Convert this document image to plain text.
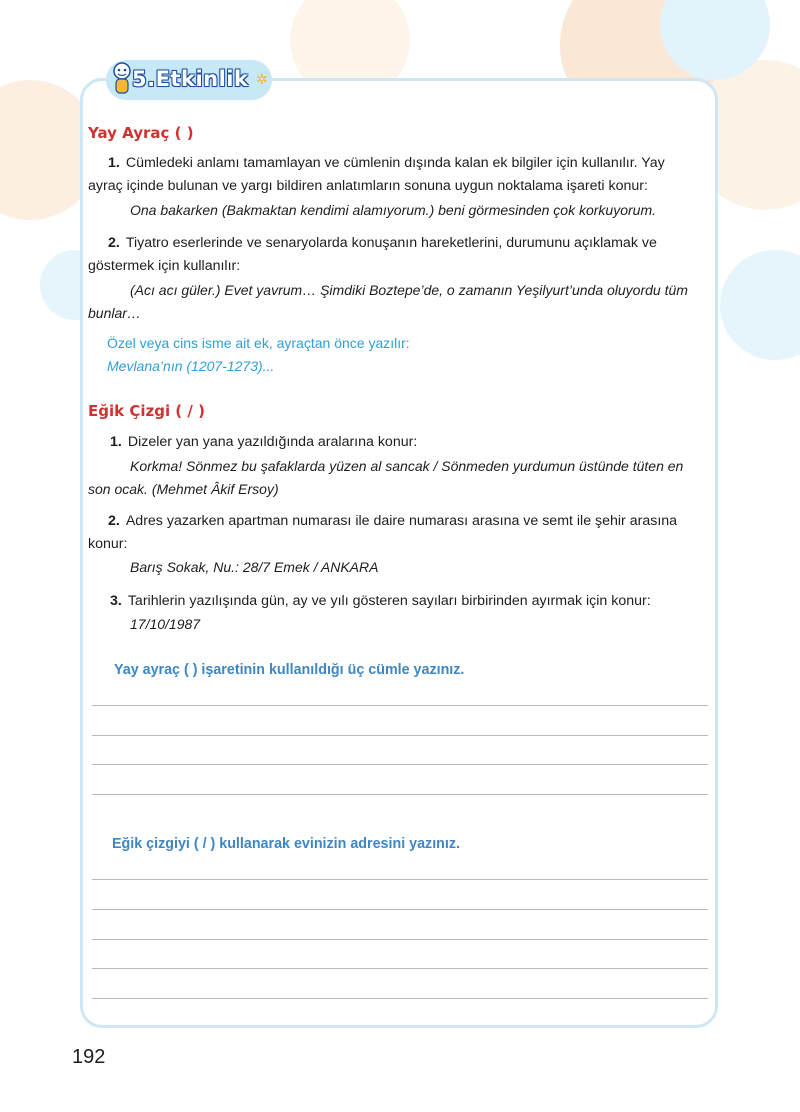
5.Etkinlik ✲
Yay Ayraç ( )
1. Cümledeki anlamı tamamlayan ve cümlenin dışında kalan ek bilgiler için kullanılır. Yay
ayraç içinde bulunan ve yargı bildiren anlatımların sonuna uygun noktalama işareti konur:
Ona bakarken (Bakmaktan kendimi alamıyorum.) beni görmesinden çok korkuyorum.
2. Tiyatro eserlerinde ve senaryolarda konuşanın hareketlerini, durumunu açıklamak ve
göstermek için kullanılır:
(Acı acı güler.) Evet yavrum… Şimdiki Boztepe’de, o zamanın Yeşilyurt’unda oluyordu tüm
bunlar…
Özel veya cins isme ait ek, ayraçtan önce yazılır:
Mevlana’nın (1207-1273)...
Eğik Çizgi ( / )
1. Dizeler yan yana yazıldığında aralarına konur:
Korkma! Sönmez bu şafaklarda yüzen al sancak / Sönmeden yurdumun üstünde tüten en
son ocak. (Mehmet Âkif Ersoy)
2. Adres yazarken apartman numarası ile daire numarası arasına ve semt ile şehir arasına
konur:
Barış Sokak, Nu.: 28/7 Emek / ANKARA
3. Tarihlerin yazılışında gün, ay ve yılı gösteren sayıları birbirinden ayırmak için konur:
17/10/1987
Yay ayraç ( ) işaretinin kullanıldığı üç cümle yazınız.
Eğik çizgiyi ( / ) kullanarak evinizin adresini yazınız.
192
